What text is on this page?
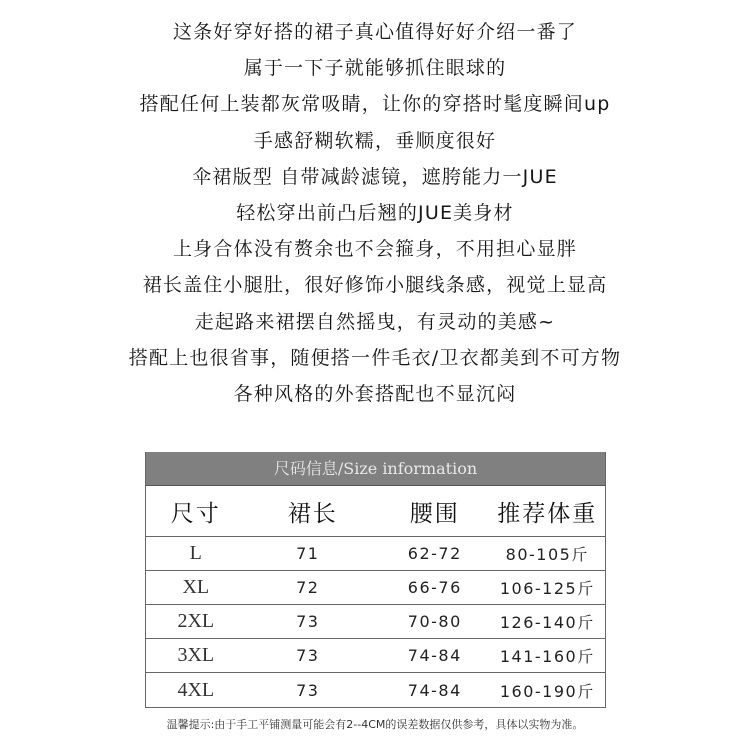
这条好穿好搭的裙子真心值得好好介绍一番了
属于一下子就能够抓住眼球的
搭配任何上装都灰常吸睛，让你的穿搭时髦度瞬间up
手感舒糊软糯，垂顺度很好
伞裙版型 自带减龄滤镜，遮胯能力一JUE
轻松穿出前凸后翘的JUE美身材
上身合体没有赘余也不会箍身，不用担心显胖
裙长盖住小腿肚，很好修饰小腿线条感，视觉上显高
走起路来裙摆自然摇曳，有灵动的美感~
搭配上也很省事，随便搭一件毛衣/卫衣都美到不可方物
各种风格的外套搭配也不显沉闷
尺码信息/Size information
尺寸	裙长	腰围	推荐体重
L	71	62-72	80-105斤
XL	72	66-76	106-125斤
2XL	73	70-80	126-140斤
3XL	73	74-84	141-160斤
4XL	73	74-84	160-190斤
温馨提示:由于手工平铺测量可能会有2--4CM的误差数据仅供参考，具体以实物为准。
